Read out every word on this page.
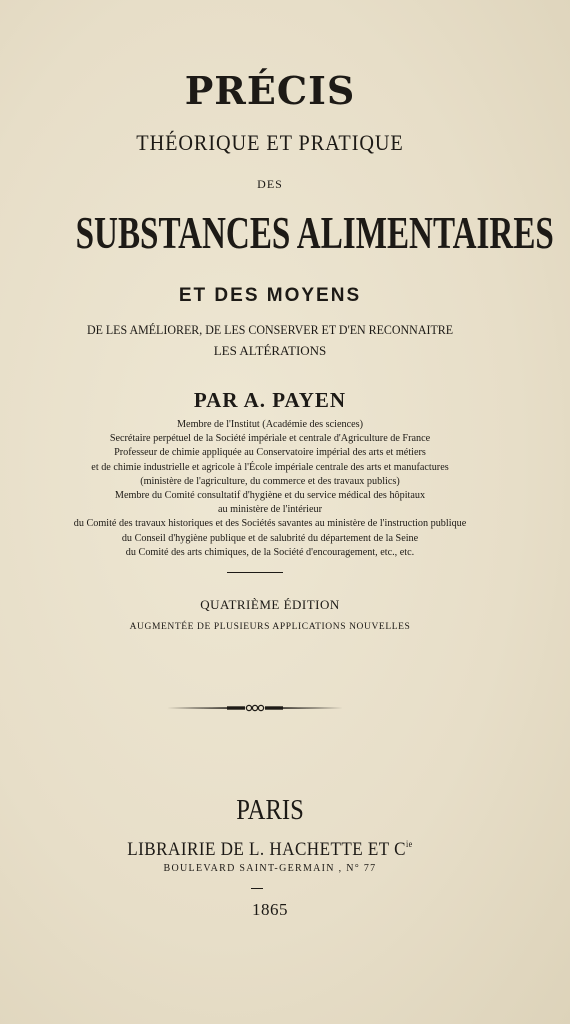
PRÉCIS
THÉORIQUE ET PRATIQUE
DES
SUBSTANCES ALIMENTAIRES
ET DES MOYENS
DE LES AMÉLIORER, DE LES CONSERVER ET D'EN RECONNAITRE
LES ALTÉRATIONS
PAR A. PAYEN
Membre de l'Institut (Académie des sciences)
Secrétaire perpétuel de la Société impériale et centrale d'Agriculture de France
Professeur de chimie appliquée au Conservatoire impérial des arts et métiers
et de chimie industrielle et agricole à l'École impériale centrale des arts et manufactures
(ministère de l'agriculture, du commerce et des travaux publics)
Membre du Comité consultatif d'hygiène et du service médical des hôpitaux
au ministère de l'intérieur
du Comité des travaux historiques et des Sociétés savantes au ministère de l'instruction publique
du Conseil d'hygiène publique et de salubrité du département de la Seine
du Comité des arts chimiques, de la Société d'encouragement, etc., etc.
QUATRIÈME ÉDITION
AUGMENTÉE DE PLUSIEURS APPLICATIONS NOUVELLES
PARIS
LIBRAIRIE DE L. HACHETTE ET $C^{ie}$
BOULEVARD SAINT-GERMAIN , N° 77
1865
